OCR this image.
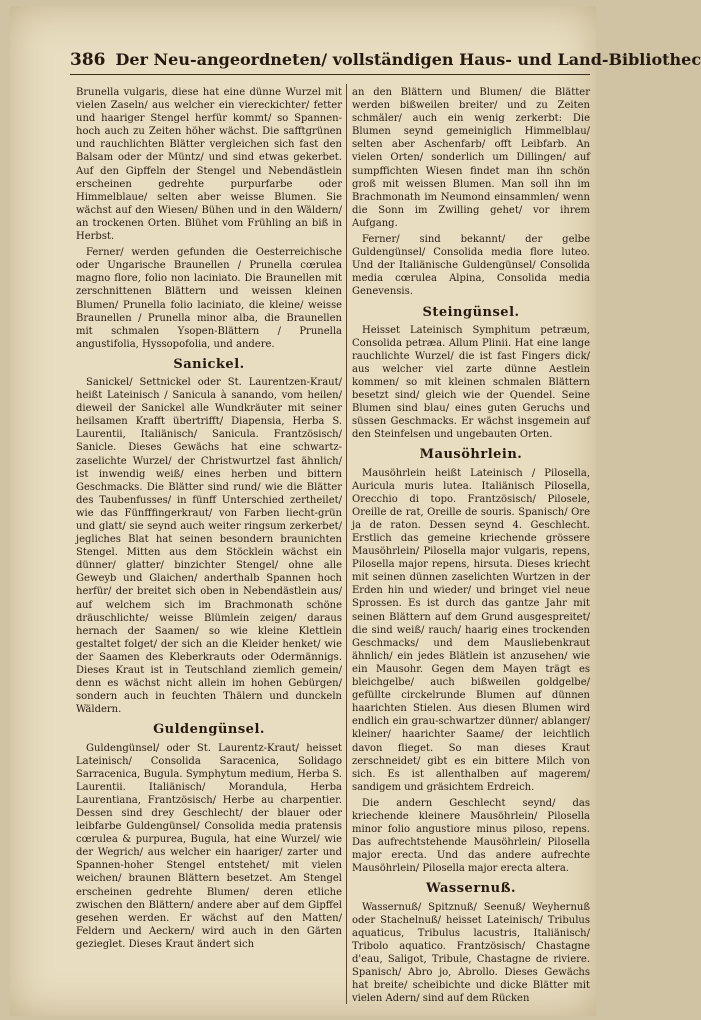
386 Der Neu-angeordneten/ vollständigen Haus- und Land-Bibliothec

Brunella vulgaris, diese hat eine dünne Wurzel mit vielen Zaseln/ aus welcher ein viereckichter/ fetter und haariger Stengel herfür kommt/ so Spannen-hoch auch zu Zeiten höher wächst. Die safftgrünen und rauchlichten Blätter vergleichen sich fast den Balsam oder der Müntz/ und sind etwas gekerbet. Auf den Gipffeln der Stengel und Nebendästlein erscheinen gedrehte purpurfarbe oder Himmelblaue/ selten aber weisse Blumen. Sie wächst auf den Wiesen/ Bühen und in den Wäldern/ an trockenen Orten. Blühet vom Frühling an biß in Herbst.

Ferner/ werden gefunden die Oesterreichische oder Ungarische Braunellen / Prunella cœrulea magno flore, folio non laciniato. Die Braunellen mit zerschnittenen Blättern und weissen kleinen Blumen/ Prunella folio laciniato, die kleine/ weisse Braunellen / Prunella minor alba, die Braunellen mit schmalen Ysopen-Blättern / Prunella angustifolia, Hyssopofolia, und andere.

Sanickel.

Sanickel/ Settnickel oder St. Laurentzen-Kraut/ heißt Lateinisch / Sanicula à sanando, vom heilen/ dieweil der Sanickel alle Wundkräuter mit seiner heilsamen Krafft übertrifft/ Diapensia, Herba S. Laurentii, Italiänisch/ Sanicula. Frantzösisch/ Sanicle. Dieses Gewächs hat eine schwartz-zaselichte Wurzel/ der Christwurtzel fast ähnlich/ ist inwendig weiß/ eines herben und bittern Geschmacks. Die Blätter sind rund/ wie die Blätter des Taubenfusses/ in fünff Unterschied zertheilet/ wie das Fünfffingerkraut/ von Farben liecht-grün und glatt/ sie seynd auch weiter ringsum zerkerbet/ jegliches Blat hat seinen besondern braunichten Stengel. Mitten aus dem Stöcklein wächst ein dünner/ glatter/ binzichter Stengel/ ohne alle Geweyb und Glaichen/ anderthalb Spannen hoch herfür/ der breitet sich oben in Nebendästlein aus/ auf welchem sich im Brachmonath schöne dräuschlichte/ weisse Blümlein zeigen/ daraus hernach der Saamen/ so wie kleine Klettlein gestaltet folget/ der sich an die Kleider henket/ wie der Saamen des Kleberkrauts oder Odermännigs. Dieses Kraut ist in Teutschland ziemlich gemein/ denn es wächst nicht allein im hohen Gebürgen/ sondern auch in feuchten Thälern und dunckeln Wäldern.

Guldengünsel.

Guldengünsel/ oder St. Laurentz-Kraut/ heisset Lateinisch/ Consolida Saracenica, Solidago Sarracenica, Bugula. Symphytum medium, Herba S. Laurentii. Italiänisch/ Morandula, Herba Laurentiana, Frantzösisch/ Herbe au charpentier. Dessen sind drey Geschlecht/ der blauer oder leibfarbe Guldengünsel/ Consolida media pratensis cœrulea & purpurea, Bugula, hat eine Wurzel/ wie der Wegrich/ aus welcher ein haariger/ zarter und Spannen-hoher Stengel entstehet/ mit vielen weichen/ braunen Blättern besetzet. Am Stengel erscheinen gedrehte Blumen/ deren etliche zwischen den Blättern/ andere aber auf dem Gipffel gesehen werden. Er wächst auf den Matten/ Feldern und Aeckern/ wird auch in den Gärten gezieglet. Dieses Kraut ändert sich

an den Blättern und Blumen/ die Blätter werden bißweilen breiter/ und zu Zeiten schmäler/ auch ein wenig zerkerbt: Die Blumen seynd gemeiniglich Himmelblau/ selten aber Aschenfarb/ offt Leibfarb. An vielen Orten/ sonderlich um Dillingen/ auf sumpffichten Wiesen findet man ihn schön groß mit weissen Blumen. Man soll ihn im Brachmonath im Neumond einsammlen/ wenn die Sonn im Zwilling gehet/ vor ihrem Aufgang.

Ferner/ sind bekannt/ der gelbe Guldengünsel/ Consolida media flore luteo. Und der Italiänische Guldengünsel/ Consolida media cœrulea Alpina, Consolida media Genevensis.

Steingünsel.

Heisset Lateinisch Symphitum petræum, Consolida petræa. Allum Plinii. Hat eine lange rauchlichte Wurzel/ die ist fast Fingers dick/ aus welcher viel zarte dünne Aestlein kommen/ so mit kleinen schmalen Blättern besetzt sind/ gleich wie der Quendel. Seine Blumen sind blau/ eines guten Geruchs und süssen Geschmacks. Er wächst insgemein auf den Steinfelsen und ungebauten Orten.

Mausöhrlein.

Mausöhrlein heißt Lateinisch / Pilosella, Auricula muris lutea. Italiänisch Pilosella, Orecchio di topo. Frantzösisch/ Pilosele, Oreille de rat, Oreille de souris. Spanisch/ Ore ja de raton. Dessen seynd 4. Geschlecht. Erstlich das gemeine kriechende grössere Mausöhrlein/ Pilosella major vulgaris, repens, Pilosella major repens, hirsuta. Dieses kriecht mit seinen dünnen zaselichten Wurtzen in der Erden hin und wieder/ und bringet viel neue Sprossen. Es ist durch das gantze Jahr mit seinen Blättern auf dem Grund ausgespreitet/ die sind weiß/ rauch/ haarig eines trockenden Geschmacks/ und dem Mausliebenkraut ähnlich/ ein jedes Blätlein ist anzusehen/ wie ein Mausohr. Gegen dem Mayen trägt es bleichgelbe/ auch bißweilen goldgelbe/ gefüllte circkelrunde Blumen auf dünnen haarichten Stielen. Aus diesen Blumen wird endlich ein grau-schwartzer dünner/ ablanger/ kleiner/ haarichter Saame/ der leichtlich davon flieget. So man dieses Kraut zerschneidet/ gibt es ein bittere Milch von sich. Es ist allenthalben auf magerem/ sandigem und gräsichtem Erdreich.

Die andern Geschlecht seynd/ das kriechende kleinere Mausöhrlein/ Pilosella minor folio angustiore minus piloso, repens. Das aufrechtstehende Mausöhrlein/ Pilosella major erecta. Und das andere aufrechte Mausöhrlein/ Pilosella major erecta altera.

Wassernuß.

Wassernuß/ Spitznuß/ Seenuß/ Weyhernuß oder Stachelnuß/ heisset Lateinisch/ Tribulus aquaticus, Tribulus lacustris, Italiänisch/ Tribolo aquatico. Frantzösisch/ Chastagne d'eau, Saligot, Tribule, Chastagne de riviere. Spanisch/ Abro jo, Abrollo. Dieses Gewächs hat breite/ scheibichte und dicke Blätter mit vielen Adern/ sind auf dem Rücken
